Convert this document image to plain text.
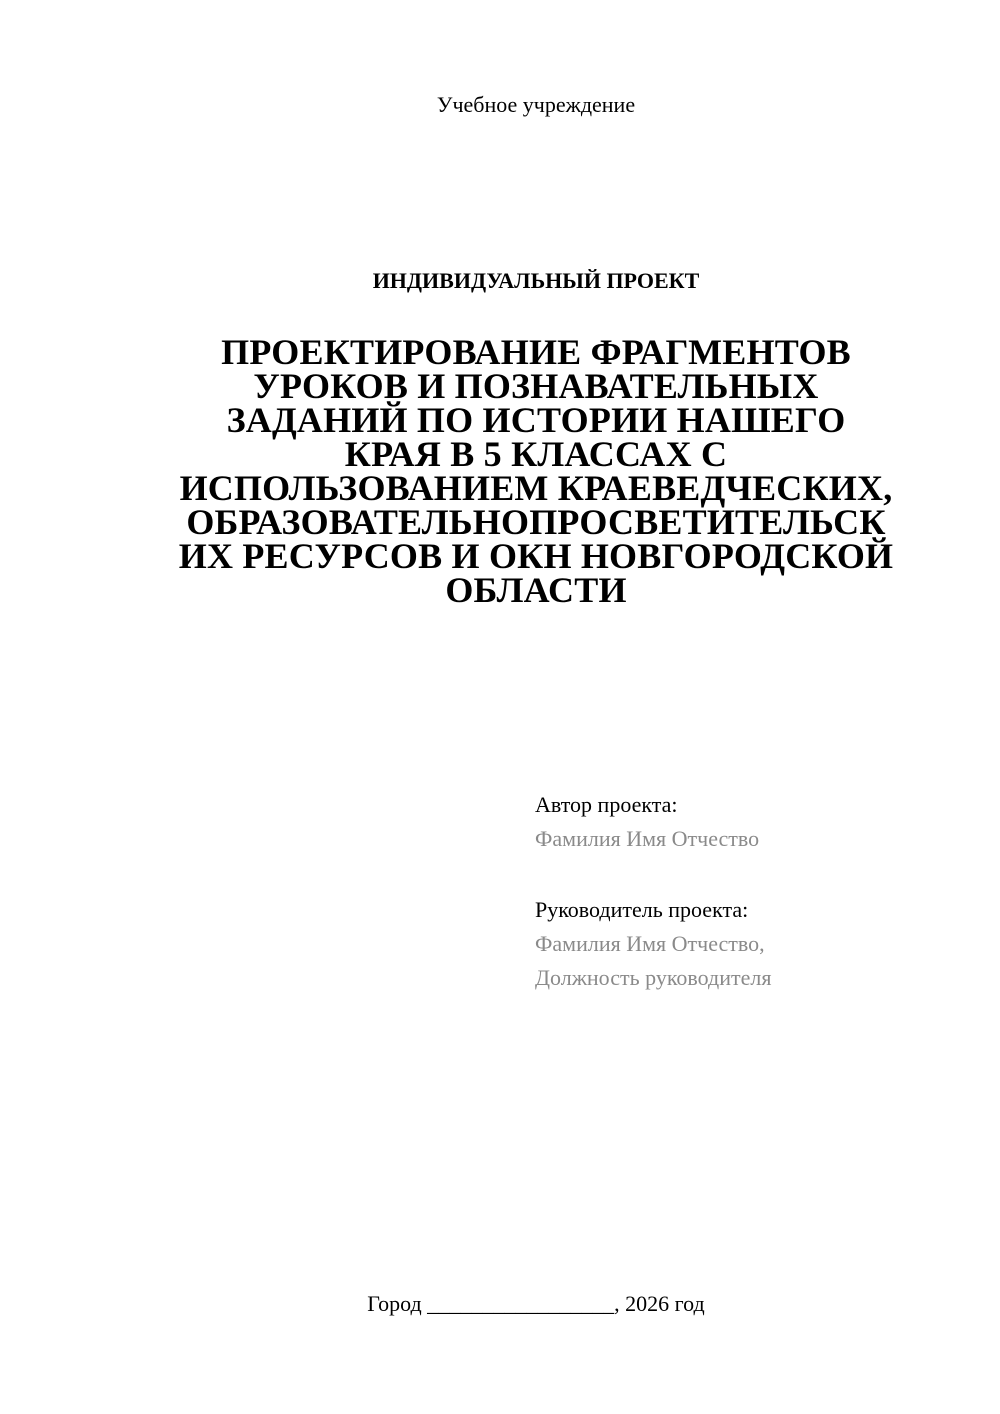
Учебное учреждение
ИНДИВИДУАЛЬНЫЙ ПРОЕКТ
ПРОЕКТИРОВАНИЕ ФРАГМЕНТОВ
УРОКОВ И ПОЗНАВАТЕЛЬНЫХ
ЗАДАНИЙ ПО ИСТОРИИ НАШЕГО
КРАЯ В 5 КЛАССАХ С
ИСПОЛЬЗОВАНИЕМ КРАЕВЕДЧЕСКИХ,
ОБРАЗОВАТЕЛЬНОПРОСВЕТИТЕЛЬСК
ИХ РЕСУРСОВ И ОКН НОВГОРОДСКОЙ
ОБЛАСТИ
Автор проекта:
Фамилия Имя Отчество
Руководитель проекта:
Фамилия Имя Отчество,
Должность руководителя
Город _________________, 2026 год
